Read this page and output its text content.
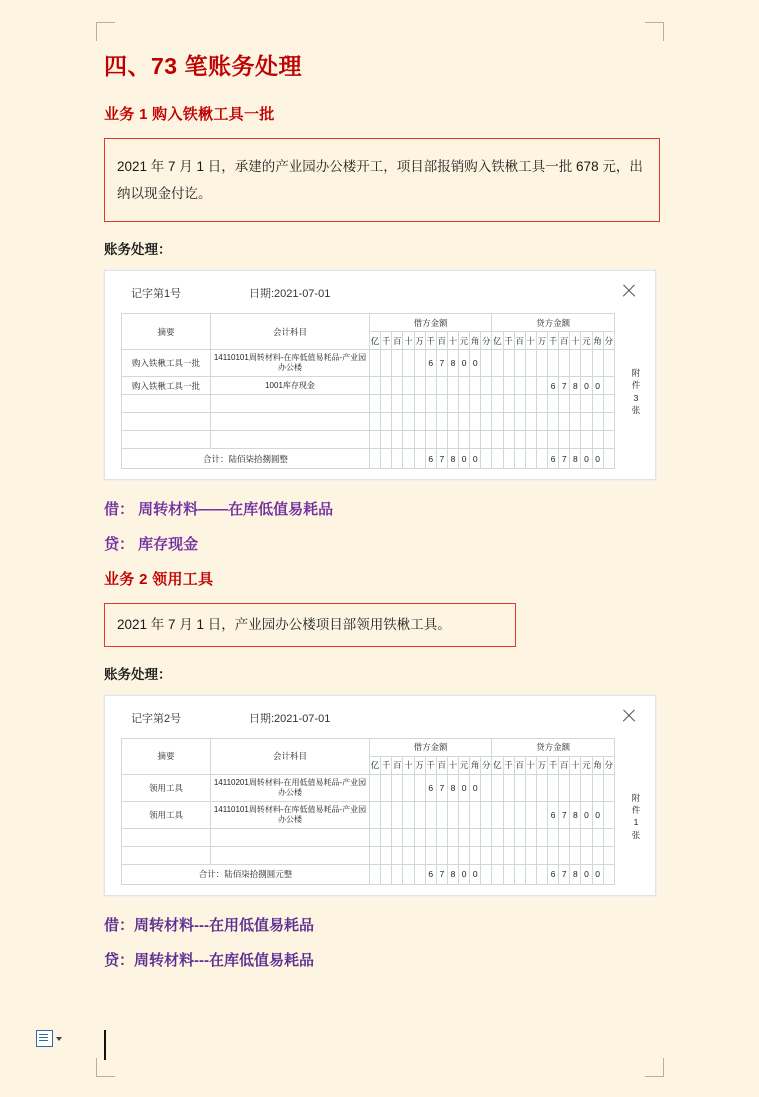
四、73 笔账务处理
业务 1 购入铁楸工具一批
2021 年 7 月 1 日，承建的产业园办公楼开工，项目部报销购入铁楸工具一批 678 元，出纳以现金付讫。
账务处理：
记字第1号	日期:2021-07-01
摘要	会计科目	借方金额											贷方金额										
		亿	千	百	十	万	千	百	十	元	角	分	亿	千	百	十	万	千	百	十	元	角	分
购入铁楸工具一批	14110101周转材料-在库低值易耗品-产业园办公楼						6	7	8	0	0												
购入铁楸工具一批	1001库存现金																	6	7	8	0	0	

合计：陆佰柒拾捌圆整							6	7	8	0	0							6	7	8	0	0	
附件 3 张
借： 周转材料——在库低值易耗品
贷： 库存现金
业务 2 领用工具
2021 年 7 月 1 日，产业园办公楼项目部领用铁楸工具。
账务处理：
记字第2号	日期:2021-07-01
摘要	会计科目	借方金额											贷方金额										
		亿	千	百	十	万	千	百	十	元	角	分	亿	千	百	十	万	千	百	十	元	角	分
领用工具	14110201周转材料-在用低值易耗品-产业园办公楼						6	7	8	0	0												
领用工具	14110101周转材料-在库低值易耗品-产业园办公楼																	6	7	8	0	0	

合计：陆佰柒拾捌圆元整							6	7	8	0	0							6	7	8	0	0	
附件 1 张
借：周转材料---在用低值易耗品
贷：周转材料---在库低值易耗品
